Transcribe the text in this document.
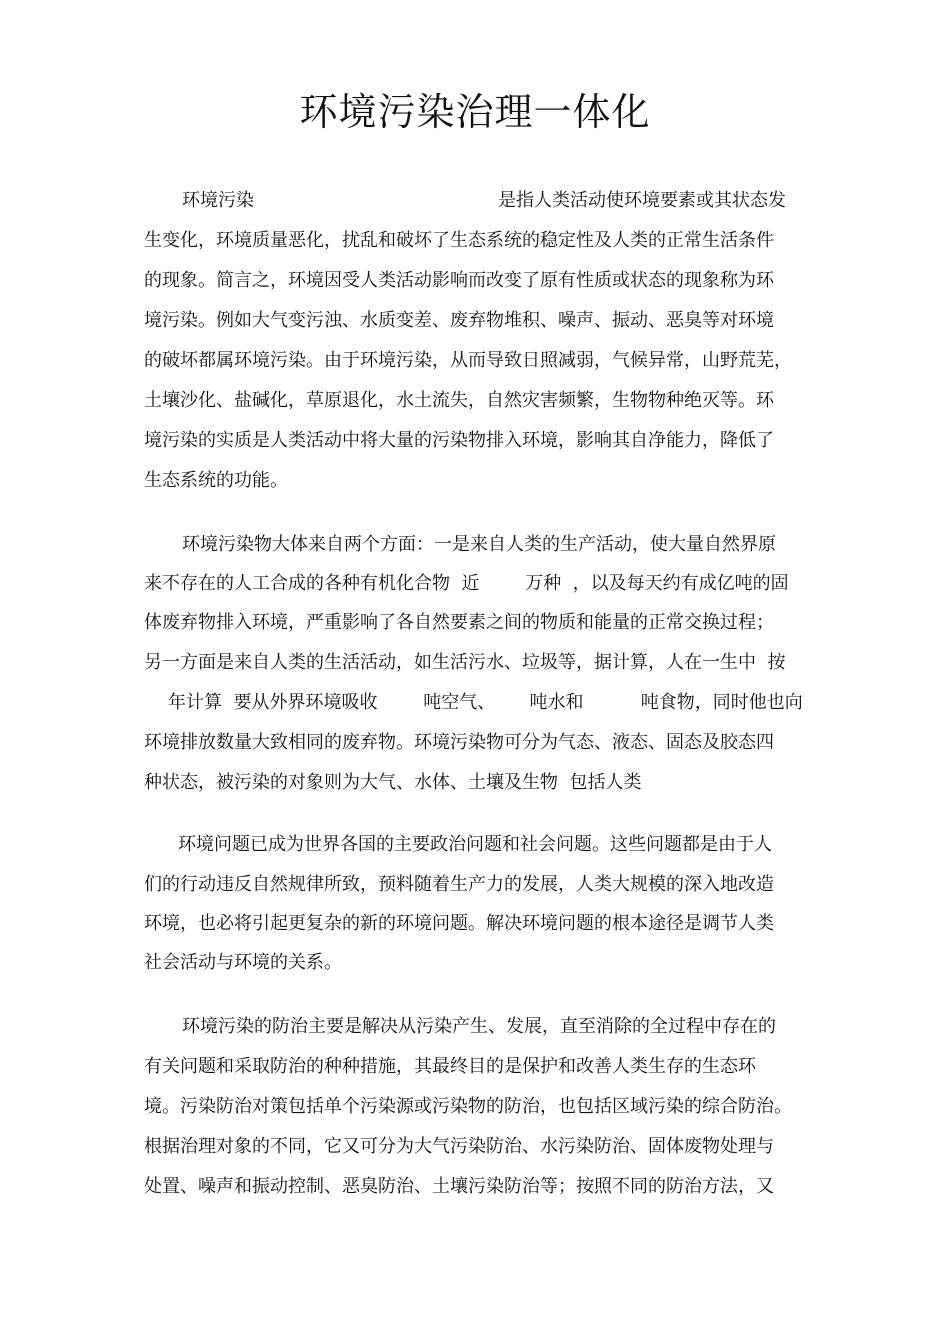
环境污染治理一体化

环境污染	是指人类活动使环境要素或其状态发

生变化，环境质量恶化，扰乱和破坏了生态系统的稳定性及人类的正常生活条件

的现象。简言之，环境因受人类活动影响而改变了原有性质或状态的现象称为环

境污染。例如大气变污浊、水质变差、废弃物堆积、噪声、振动、恶臭等对环境

的破坏都属环境污染。由于环境污染，从而导致日照减弱，气候异常，山野荒芜，

土壤沙化、盐碱化，草原退化，水土流失，自然灾害频繁，生物物种绝灭等。环

境污染的实质是人类活动中将大量的污染物排入环境，影响其自净能力，降低了

生态系统的功能。

环境污染物大体来自两个方面：一是来自人类的生产活动，使大量自然界原

来不存在的人工合成的各种有机化合物  近        万种  ，以及每天约有成亿吨的固

体废弃物排入环境，严重影响了各自然要素之间的物质和能量的正常交换过程；

另一方面是来自人类的生活活动，如生活污水、垃圾等，据计算，人在一生中  按

年计算  要从外界环境吸收        吨空气、      吨水和          吨食物，同时他也向

环境排放数量大致相同的废弃物。环境污染物可分为气态、液态、固态及胶态四

种状态，被污染的对象则为大气、水体、土壤及生物  包括人类

环境问题已成为世界各国的主要政治问题和社会问题。这些问题都是由于人

们的行动违反自然规律所致，预料随着生产力的发展，人类大规模的深入地改造

环境，也必将引起更复杂的新的环境问题。解决环境问题的根本途径是调节人类

社会活动与环境的关系。

环境污染的防治主要是解决从污染产生、发展，直至消除的全过程中存在的

有关问题和采取防治的种种措施，其最终目的是保护和改善人类生存的生态环

境。污染防治对策包括单个污染源或污染物的防治，也包括区域污染的综合防治。

根据治理对象的不同，它又可分为大气污染防治、水污染防治、固体废物处理与

处置、噪声和振动控制、恶臭防治、土壤污染防治等；按照不同的防治方法，又
